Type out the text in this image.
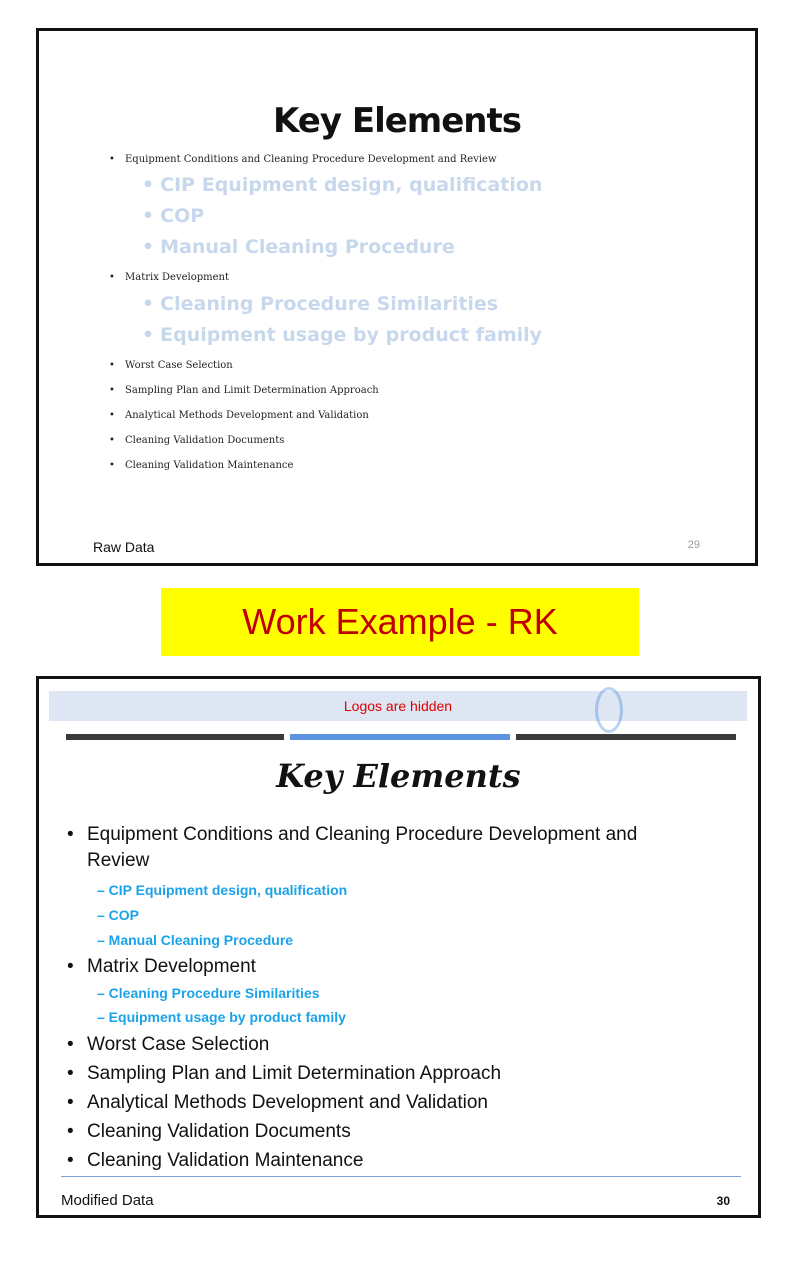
Key Elements
• Equipment Conditions and Cleaning Procedure Development and Review
• CIP Equipment design, qualification
• COP
• Manual Cleaning Procedure
• Matrix Development
• Cleaning Procedure Similarities
• Equipment usage by product family
• Worst Case Selection
• Sampling Plan and Limit Determination Approach
• Analytical Methods Development and Validation
• Cleaning Validation Documents
• Cleaning Validation Maintenance
Raw Data	29
Work Example - RK
Logos are hidden
Key Elements
• Equipment Conditions and Cleaning Procedure Development and
Review
– CIP Equipment design, qualification
– COP
– Manual Cleaning Procedure
• Matrix Development
– Cleaning Procedure Similarities
– Equipment usage by product family
• Worst Case Selection
• Sampling Plan and Limit Determination Approach
• Analytical Methods Development and Validation
• Cleaning Validation Documents
• Cleaning Validation Maintenance
Modified Data	30
